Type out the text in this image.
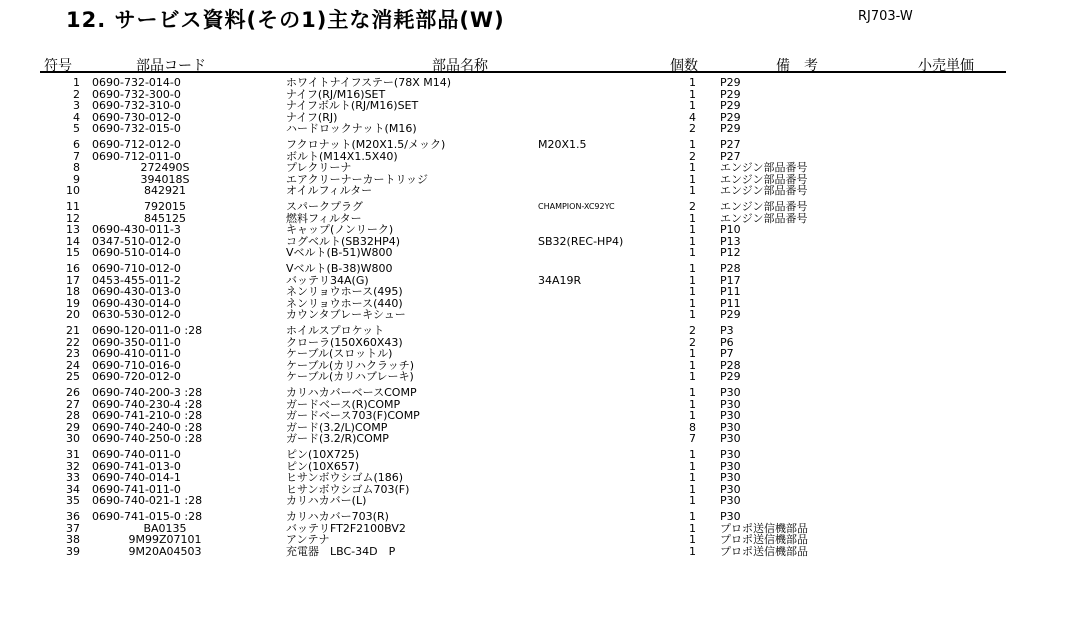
12. サービス資料(その1)主な消耗部品(W)	RJ703-W
符号	部品コード	部品名称	個数	備　考	小売単価
1 0690-732-014-0	ホワイトナイフステー(78X M14)	1 P29
2 0690-732-300-0	ナイフ(RJ/M16)SET	1 P29
3 0690-732-310-0	ナイフボルト(RJ/M16)SET	1 P29
4 0690-730-012-0	ナイフ(RJ)	4 P29
5 0690-732-015-0	ハードロックナット(M16)	2 P29
6 0690-712-012-0	フクロナット(M20X1.5/メック)	M20X1.5	1 P27
7 0690-712-011-0	ボルト(M14X1.5X40)	2 P27
8	272490S	プレクリーナ	1 エンジン部品番号
9	394018S	エアクリーナーカートリッジ	1 エンジン部品番号
10	842921	オイルフィルター	1 エンジン部品番号
11	792015	スパークプラグ	CHAMPION-XC92YC	2 エンジン部品番号
12	845125	燃料フィルター	1 エンジン部品番号
13 0690-430-011-3	キャップ(ノンリーク)	1 P10
14 0347-510-012-0	コグベルト(SB32HP4)	SB32(REC-HP4)	1 P13
15 0690-510-014-0	Vベルト(B-51)W800	1 P12
16 0690-710-012-0	Vベルト(B-38)W800	1 P28
17 0453-455-011-2	バッテリ34A(G)	34A19R	1 P17
18 0690-430-013-0	ネンリョウホース(495)	1 P11
19 0690-430-014-0	ネンリョウホース(440)	1 P11
20 0630-530-012-0	カウンタブレーキシュー	1 P29
21 0690-120-011-0 :28	ホイルスプロケット	2 P3
22 0690-350-011-0	クローラ(150X60X43)	2 P6
23 0690-410-011-0	ケーブル(スロットル)	1 P7
24 0690-710-016-0	ケーブル(カリハクラッチ)	1 P28
25 0690-720-012-0	ケーブル(カリハブレーキ)	1 P29
26 0690-740-200-3 :28	カリハカバーベースCOMP	1 P30
27 0690-740-230-4 :28	ガードベース(R)COMP	1 P30
28 0690-741-210-0 :28	ガードベース703(F)COMP	1 P30
29 0690-740-240-0 :28	ガード(3.2/L)COMP	8 P30
30 0690-740-250-0 :28	ガード(3.2/R)COMP	7 P30
31 0690-740-011-0	ピン(10X725)	1 P30
32 0690-741-013-0	ピン(10X657)	1 P30
33 0690-740-014-1	ヒサンボウシゴム(186)	1 P30
34 0690-741-011-0	ヒサンボウシゴム703(F)	1 P30
35 0690-740-021-1 :28	カリハカバー(L)	1 P30
36 0690-741-015-0 :28	カリハカバー703(R)	1 P30
37	BA0135	バッテリFT2F2100BV2	1 プロポ送信機部品
38	9M99Z07101	アンテナ	1 プロポ送信機部品
39	9M20A04503	充電器　LBC-34D　P	1 プロポ送信機部品
